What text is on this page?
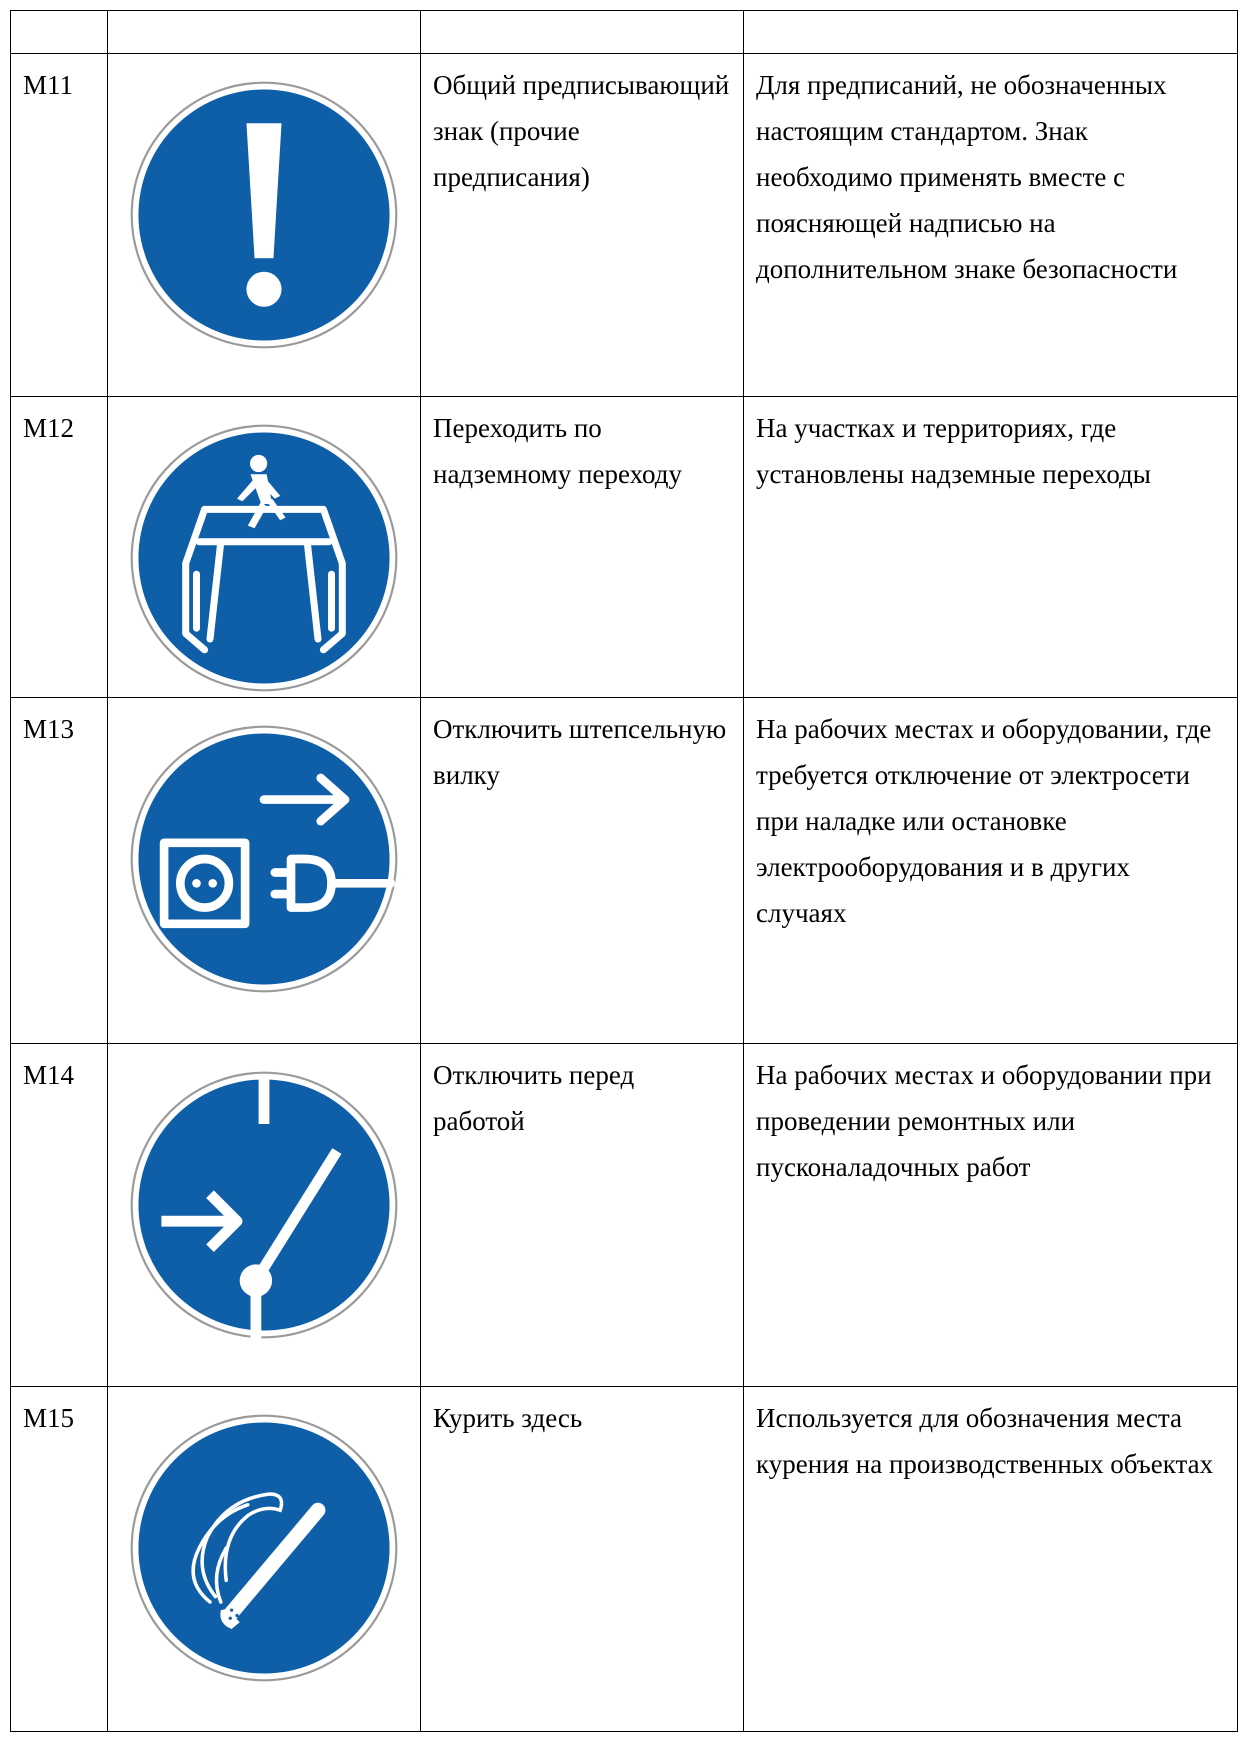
М11		Общий предписывающий знак (прочие предписания)	Для предписаний, не обозначенных настоящим стандартом. Знак необходимо применять вместе с поясняющей надписью на дополнительном знаке безопасности
М12		Переходить по надземному переходу	На участках и территориях, где установлены надземные переходы
М13		Отключить штепсельную вилку	На рабочих местах и оборудовании, где требуется отключение от электросети при наладке или остановке электрооборудования и в других случаях
М14		Отключить перед работой	На рабочих местах и оборудовании при проведении ремонтных или пусконаладочных работ
М15		Курить здесь	Используется для обозначения места курения на производственных объектах
